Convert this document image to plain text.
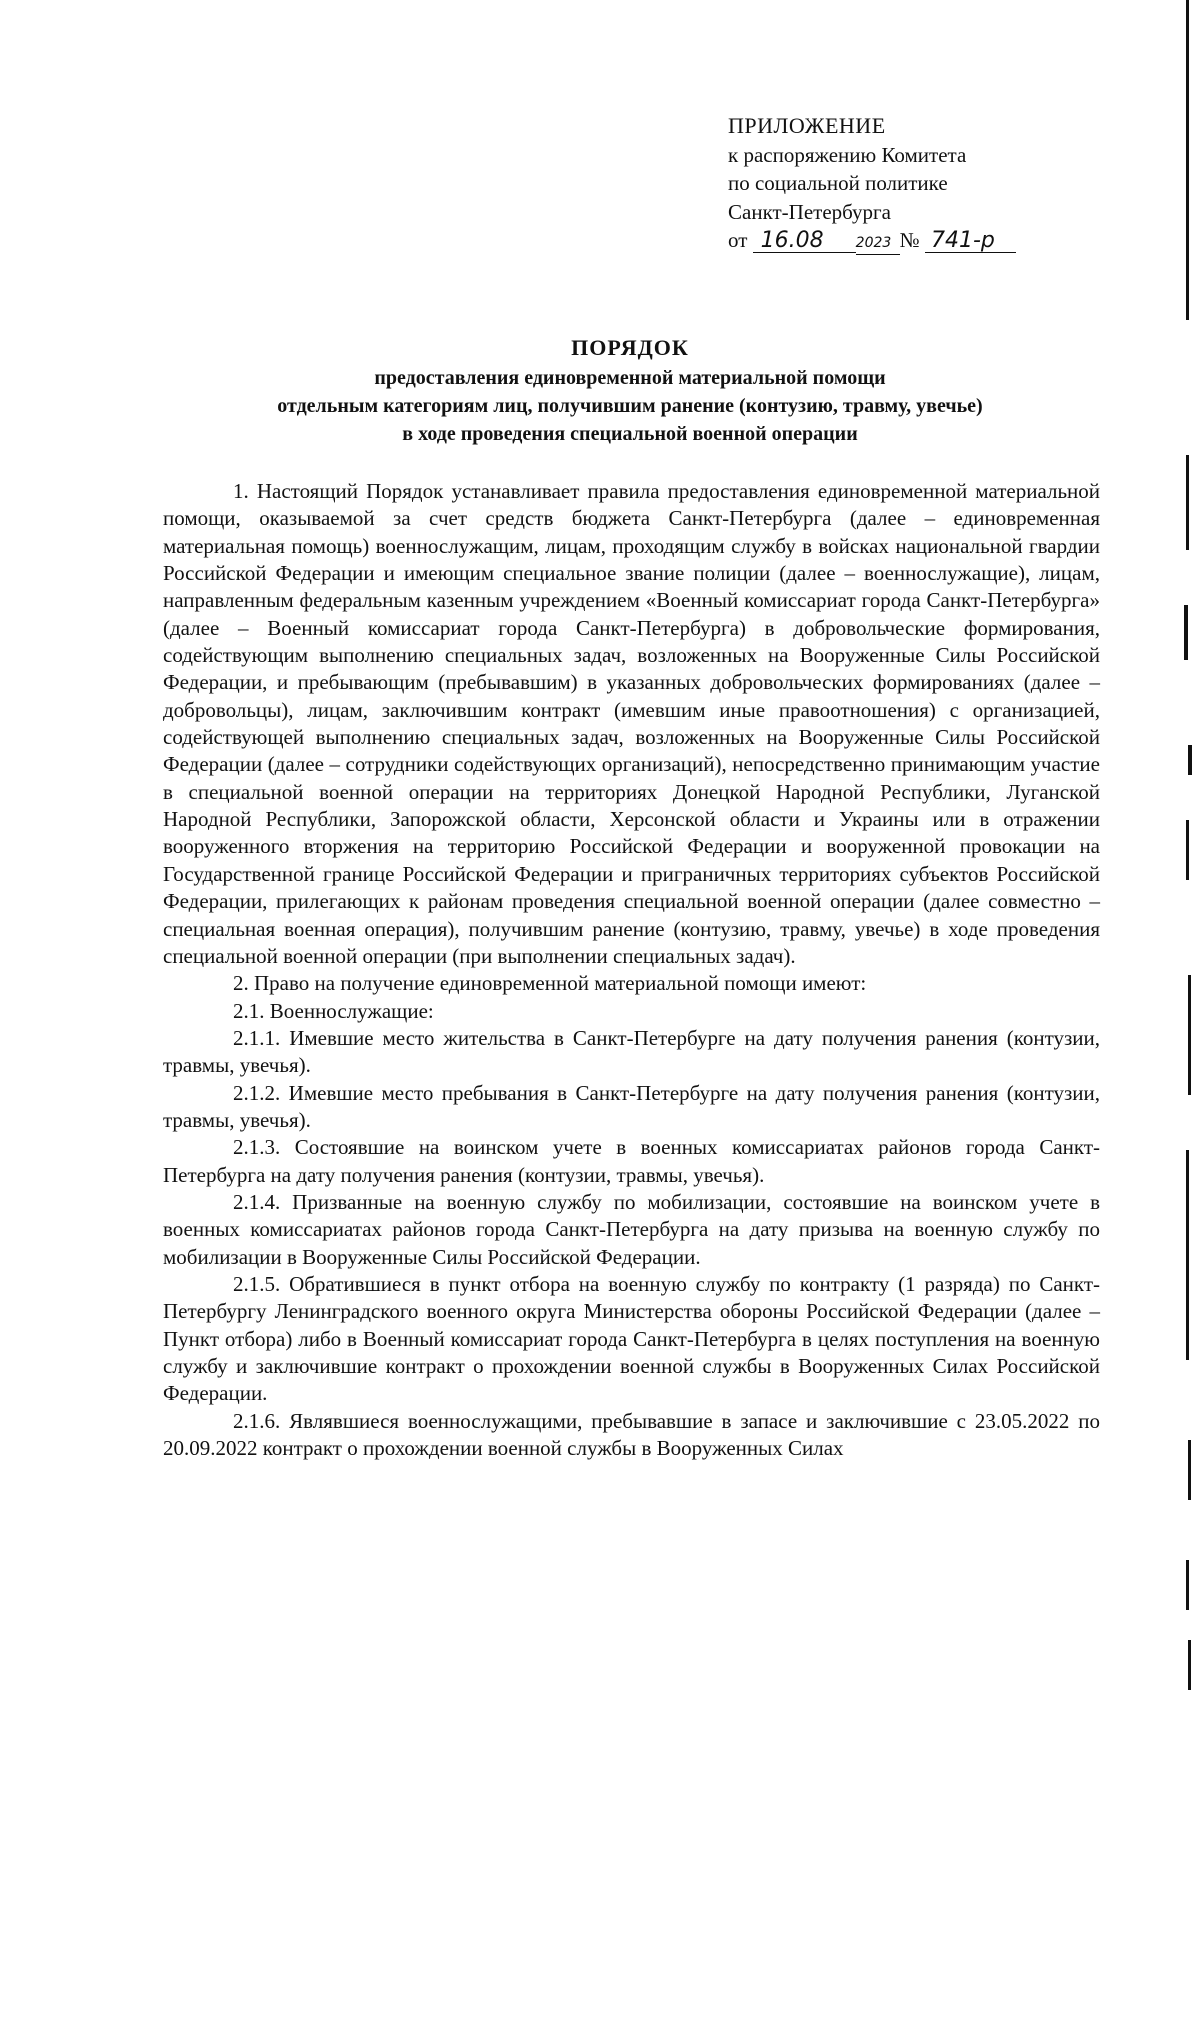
ПРИЛОЖЕНИЕ
к распоряжению Комитета
по социальной политике
Санкт-Петербурга
от 16.08 2023 № 741-р
ПОРЯДОК
предоставления единовременной материальной помощи
отдельным категориям лиц, получившим ранение (контузию, травму, увечье)
в ходе проведения специальной военной операции

1. Настоящий Порядок устанавливает правила предоставления единовременной материальной помощи, оказываемой за счет средств бюджета Санкт-Петербурга (далее – единовременная материальная помощь) военнослужащим, лицам, проходящим службу в войсках национальной гвардии Российской Федерации и имеющим специальное звание полиции (далее – военнослужащие), лицам, направленным федеральным казенным учреждением «Военный комиссариат города Санкт-Петербурга» (далее – Военный комиссариат города Санкт-Петербурга) в добровольческие формирования, содействующим выполнению специальных задач, возложенных на Вооруженные Силы Российской Федерации, и пребывающим (пребывавшим) в указанных добровольческих формированиях (далее – добровольцы), лицам, заключившим контракт (имевшим иные правоотношения) с организацией, содействующей выполнению специальных задач, возложенных на Вооруженные Силы Российской Федерации (далее – сотрудники содействующих организаций), непосредственно принимающим участие в специальной военной операции на территориях Донецкой Народной Республики, Луганской Народной Республики, Запорожской области, Херсонской области и Украины или в отражении вооруженного вторжения на территорию Российской Федерации и вооруженной провокации на Государственной границе Российской Федерации и приграничных территориях субъектов Российской Федерации, прилегающих к районам проведения специальной военной операции (далее совместно – специальная военная операция), получившим ранение (контузию, травму, увечье) в ходе проведения специальной военной операции (при выполнении специальных задач).

2. Право на получение единовременной материальной помощи имеют:

2.1. Военнослужащие:

2.1.1. Имевшие место жительства в Санкт-Петербурге на дату получения ранения (контузии, травмы, увечья).

2.1.2. Имевшие место пребывания в Санкт-Петербурге на дату получения ранения (контузии, травмы, увечья).

2.1.3. Состоявшие на воинском учете в военных комиссариатах районов города Санкт-Петербурга на дату получения ранения (контузии, травмы, увечья).

2.1.4. Призванные на военную службу по мобилизации, состоявшие на воинском учете в военных комиссариатах районов города Санкт-Петербурга на дату призыва на военную службу по мобилизации в Вооруженные Силы Российской Федерации.

2.1.5. Обратившиеся в пункт отбора на военную службу по контракту (1 разряда) по Санкт-Петербургу Ленинградского военного округа Министерства обороны Российской Федерации (далее – Пункт отбора) либо в Военный комиссариат города Санкт-Петербурга в целях поступления на военную службу и заключившие контракт о прохождении военной службы в Вооруженных Силах Российской Федерации.

2.1.6. Являвшиеся военнослужащими, пребывавшие в запасе и заключившие с 23.05.2022 по 20.09.2022 контракт о прохождении военной службы в Вооруженных Силах
